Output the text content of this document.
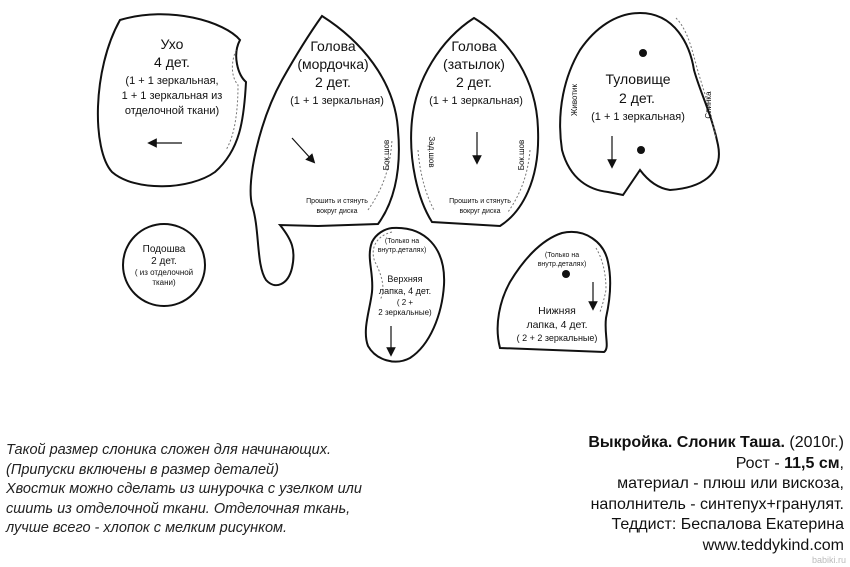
Ухо
4 дет.
(1 + 1 зеркальная,
1 + 1 зеркальная из
отделочной ткани)
Голова
(мордочка)
2 дет.
(1 + 1 зеркальная)
Бок.шов
Прошить и стянуть
вокруг диска
Голова
(затылок)
2 дет.
(1 + 1 зеркальная)
Зад.шов	Бок.шов
Прошить и стянуть
вокруг диска
Туловище
2 дет.
(1 + 1 зеркальная)
Животик	Спинка
Подошва
2 дет.
( из отделочной
ткани)
(Только на
внутр.деталях)
Верхняя
лапка, 4 дет.
( 2 +
2 зеркальные)
(Только на
внутр.деталях)
Нижняя
лапка, 4 дет.
( 2 + 2 зеркальные)
Такой размер слоника сложен для начинающих.
(Припуски включены в размер деталей)
Хвостик можно сделать из шнурочка с узелком или
сшить из отделочной ткани. Отделочная ткань,
лучше всего - хлопок с мелким рисунком.
Выкройка. Слоник Таша. (2010г.)
Рост - 11,5 см,
материал - плюш или вискоза,
наполнитель - синтепух+гранулят.
Теддист: Беспалова Екатерина
www.teddykind.com
babiki.ru
